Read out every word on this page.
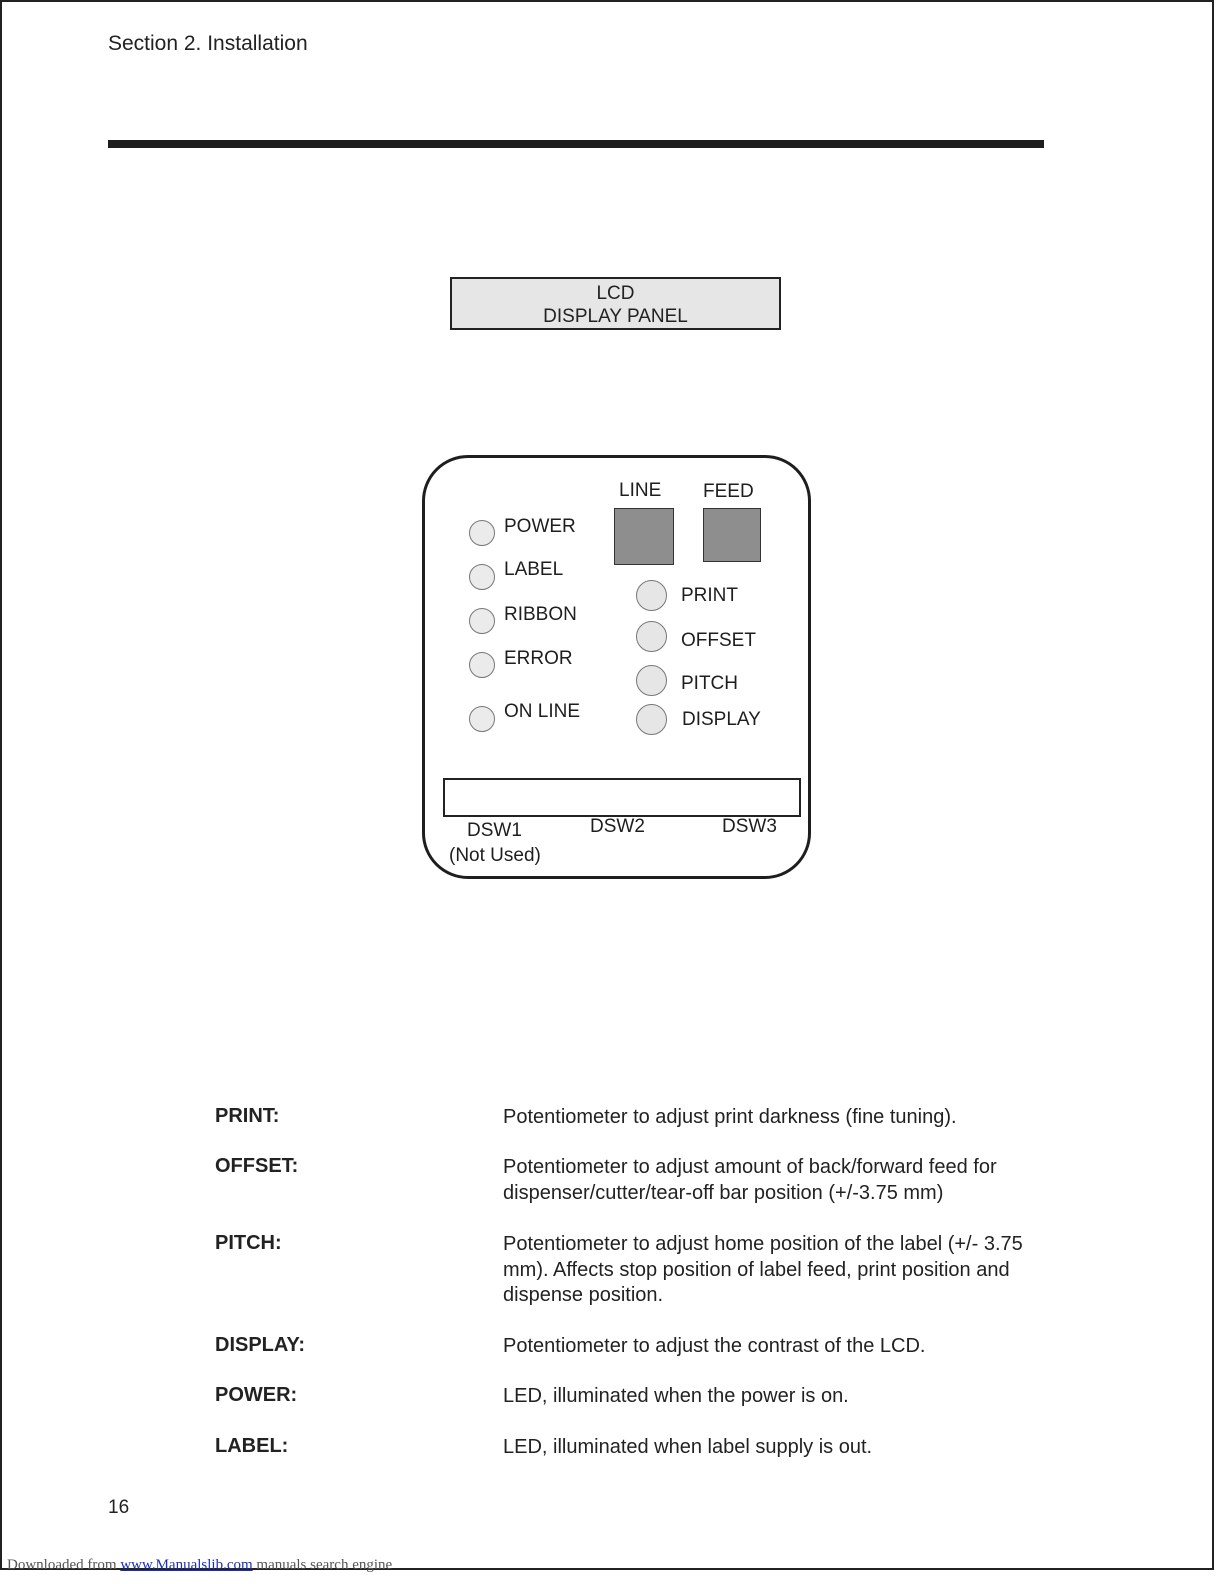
Section 2. Installation
LCD
DISPLAY PANEL
LINE FEED
POWER
LABEL
RIBBON
ERROR
ON LINE
PRINT
OFFSET
PITCH
DISPLAY
DSW1
(Not Used)
DSW2	DSW3
PRINT:	Potentiometer to adjust print darkness (fine tuning).
OFFSET:	Potentiometer to adjust amount of back/forward feed for dispenser/cutter/tear-off bar position (+/-3.75 mm)
PITCH:	Potentiometer to adjust home position of the label (+/- 3.75 mm). Affects stop position of label feed, print position and dispense position.
DISPLAY:	Potentiometer to adjust the contrast of the LCD.
POWER:	LED, illuminated when the power is on.
LABEL:	LED, illuminated when label supply is out.
16
Downloaded from www.Manualslib.com manuals search engine
